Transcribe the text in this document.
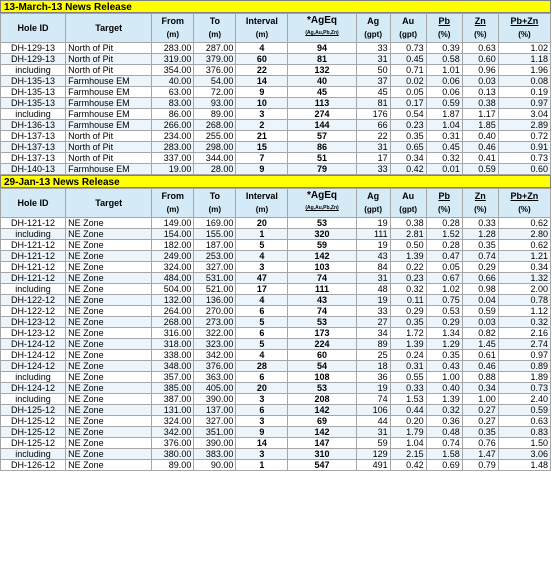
13-March-13 News Release
Hole ID	Target	From	To	Interval	*AgEq	Ag	Au	Pb	Zn	Pb+Zn
		(m)	(m)	(m)	(Ag,Au,Pb,Zn)	(gpt)	(gpt)	(%)	(%)	(%)
DH-129-13	North of Pit	283.00	287.00	4	94	33	0.73	0.39	0.63	1.02
DH-129-13	North of Pit	319.00	379.00	60	81	31	0.45	0.58	0.60	1.18
including	North of Pit	354.00	376.00	22	132	50	0.71	1.01	0.96	1.96
DH-135-13	Farmhouse EM	40.00	54.00	14	40	37	0.02	0.06	0.03	0.08
DH-135-13	Farmhouse EM	63.00	72.00	9	45	45	0.05	0.06	0.13	0.19
DH-135-13	Farmhouse EM	83.00	93.00	10	113	81	0.17	0.59	0.38	0.97
including	Farmhouse EM	86.00	89.00	3	274	176	0.54	1.87	1.17	3.04
DH-136-13	Farmhouse EM	266.00	268.00	2	144	66	0.23	1.04	1.85	2.89
DH-137-13	North of Pit	234.00	255.00	21	57	22	0.35	0.31	0.40	0.72
DH-137-13	North of Pit	283.00	298.00	15	86	31	0.65	0.45	0.46	0.91
DH-137-13	North of Pit	337.00	344.00	7	51	17	0.34	0.32	0.41	0.73
DH-140-13	Farmhouse EM	19.00	28.00	9	79	33	0.42	0.01	0.59	0.60
29-Jan-13 News Release
Hole ID	Target	From	To	Interval	*AgEq	Ag	Au	Pb	Zn	Pb+Zn
		(m)	(m)	(m)	(Ag,Au,Pb,Zn)	(gpt)	(gpt)	(%)	(%)	(%)
DH-121-12	NE Zone	149.00	169.00	20	53	19	0.38	0.28	0.33	0.62
including	NE Zone	154.00	155.00	1	320	111	2.81	1.52	1.28	2.80
DH-121-12	NE Zone	182.00	187.00	5	59	19	0.50	0.28	0.35	0.62
DH-121-12	NE Zone	249.00	253.00	4	142	43	1.39	0.47	0.74	1.21
DH-121-12	NE Zone	324.00	327.00	3	103	84	0.22	0.05	0.29	0.34
DH-121-12	NE Zone	484.00	531.00	47	74	31	0.23	0.67	0.66	1.32
including	NE Zone	504.00	521.00	17	111	48	0.32	1.02	0.98	2.00
DH-122-12	NE Zone	132.00	136.00	4	43	19	0.11	0.75	0.04	0.78
DH-122-12	NE Zone	264.00	270.00	6	74	33	0.29	0.53	0.59	1.12
DH-123-12	NE Zone	268.00	273.00	5	53	27	0.35	0.29	0.03	0.32
DH-123-12	NE Zone	316.00	322.00	6	173	34	1.72	1.34	0.82	2.16
DH-124-12	NE Zone	318.00	323.00	5	224	89	1.39	1.29	1.45	2.74
DH-124-12	NE Zone	338.00	342.00	4	60	25	0.24	0.35	0.61	0.97
DH-124-12	NE Zone	348.00	376.00	28	54	18	0.31	0.43	0.46	0.89
including	NE Zone	357.00	363.00	6	108	36	0.55	1.00	0.88	1.89
DH-124-12	NE Zone	385.00	405.00	20	53	19	0.33	0.40	0.34	0.73
including	NE Zone	387.00	390.00	3	208	74	1.53	1.39	1.00	2.40
DH-125-12	NE Zone	131.00	137.00	6	142	106	0.44	0.32	0.27	0.59
DH-125-12	NE Zone	324.00	327.00	3	69	44	0.20	0.36	0.27	0.63
DH-125-12	NE Zone	342.00	351.00	9	142	31	1.79	0.48	0.35	0.83
DH-125-12	NE Zone	376.00	390.00	14	147	59	1.04	0.74	0.76	1.50
including	NE Zone	380.00	383.00	3	310	129	2.15	1.58	1.47	3.06
DH-126-12	NE Zone	89.00	90.00	1	547	491	0.42	0.69	0.79	1.48
